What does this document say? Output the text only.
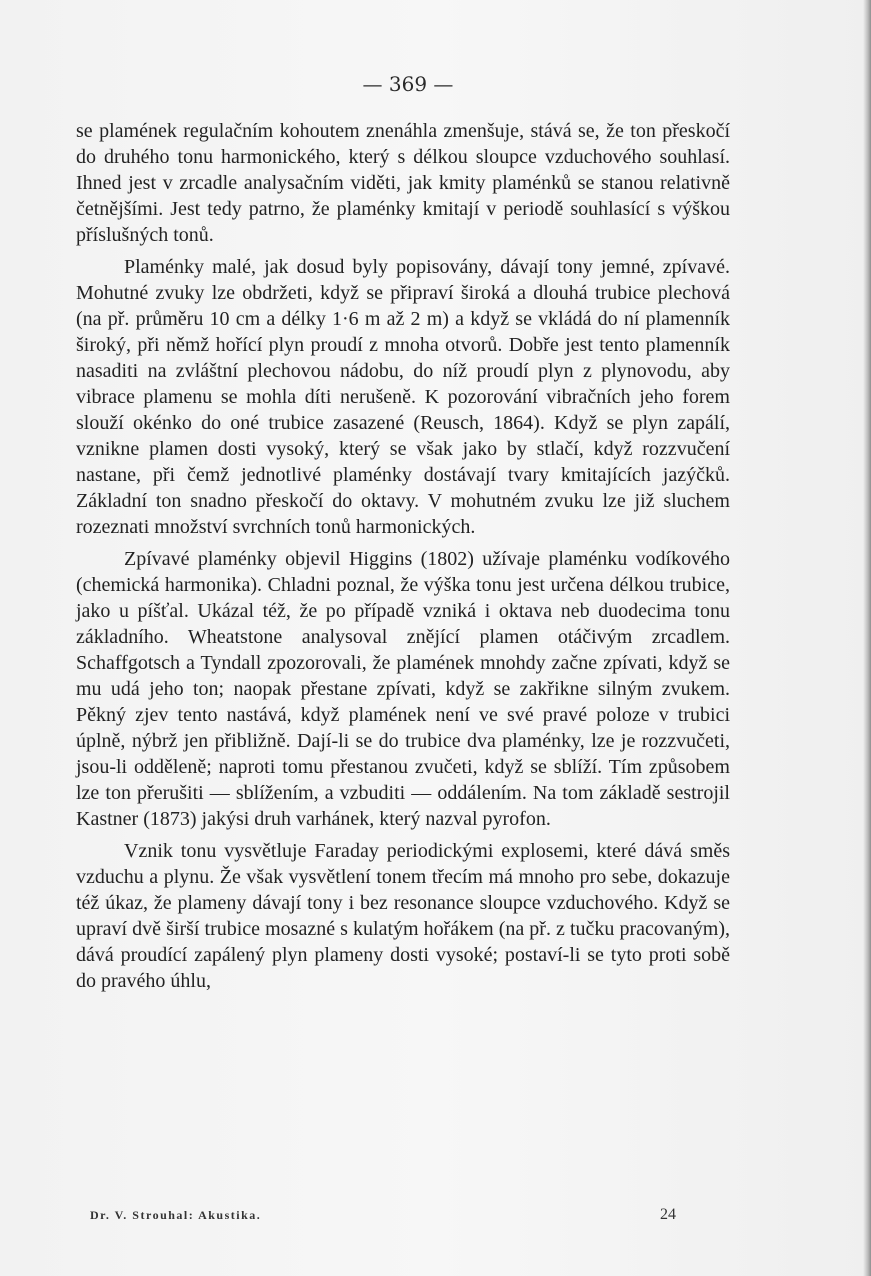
— 369 —

se plamének regulačním kohoutem znenáhla zmenšuje, stává se, že ton přeskočí do druhého tonu harmonického, který s délkou sloupce vzduchového souhlasí. Ihned jest v zrcadle analysačním viděti, jak kmity plaménků se stanou relativně četnějšími. Jest tedy patrno, že plaménky kmitají v periodě souhlasící s výškou příslušných tonů.

Plaménky malé, jak dosud byly popisovány, dávají tony jemné, zpívavé. Mohutné zvuky lze obdržeti, když se připraví široká a dlouhá trubice plechová (na př. průměru 10 cm a délky 1·6 m až 2 m) a když se vkládá do ní plamenník široký, při němž hořící plyn proudí z mnoha otvorů. Dobře jest tento plamenník nasaditi na zvláštní plechovou nádobu, do níž proudí plyn z plynovodu, aby vibrace plamenu se mohla díti nerušeně. K pozorování vibračních jeho forem slouží okénko do oné trubice zasazené (Reusch, 1864). Když se plyn zapálí, vznikne plamen dosti vysoký, který se však jako by stlačí, když rozzvučení nastane, při čemž jednotlivé plaménky dostávají tvary kmitajících jazýčků. Základní ton snadno přeskočí do oktavy. V mohutném zvuku lze již sluchem rozeznati množství svrchních tonů harmonických.

Zpívavé plaménky objevil Higgins (1802) užívaje plaménku vodíkového (chemická harmonika). Chladni poznal, že výška tonu jest určena délkou trubice, jako u píšťal. Ukázal též, že po případě vzniká i oktava neb duodecima tonu základního. Wheatstone analysoval znějící plamen otáčivým zrcadlem. Schaffgotsch a Tyndall zpozorovali, že plamének mnohdy začne zpívati, když se mu udá jeho ton; naopak přestane zpívati, když se zakřikne silným zvukem. Pěkný zjev tento nastává, když plamének není ve své pravé poloze v trubici úplně, nýbrž jen přibližně. Dají-li se do trubice dva plaménky, lze je rozzvučeti, jsou-li odděleně; naproti tomu přestanou zvučeti, když se sblíží. Tím způsobem lze ton přerušiti — sblížením, a vzbuditi — oddálením. Na tom základě sestrojil Kastner (1873) jakýsi druh varhánek, který nazval pyrofon.

Vznik tonu vysvětluje Faraday periodickými explosemi, které dává směs vzduchu a plynu. Že však vysvětlení tonem třecím má mnoho pro sebe, dokazuje též úkaz, že plameny dávají tony i bez resonance sloupce vzduchového. Když se upraví dvě širší trubice mosazné s kulatým hořákem (na př. z tučku pracovaným), dává proudící zapálený plyn plameny dosti vysoké; postaví-li se tyto proti sobě do pravého úhlu,

Dr. V. Strouhal: Akustika.	24
